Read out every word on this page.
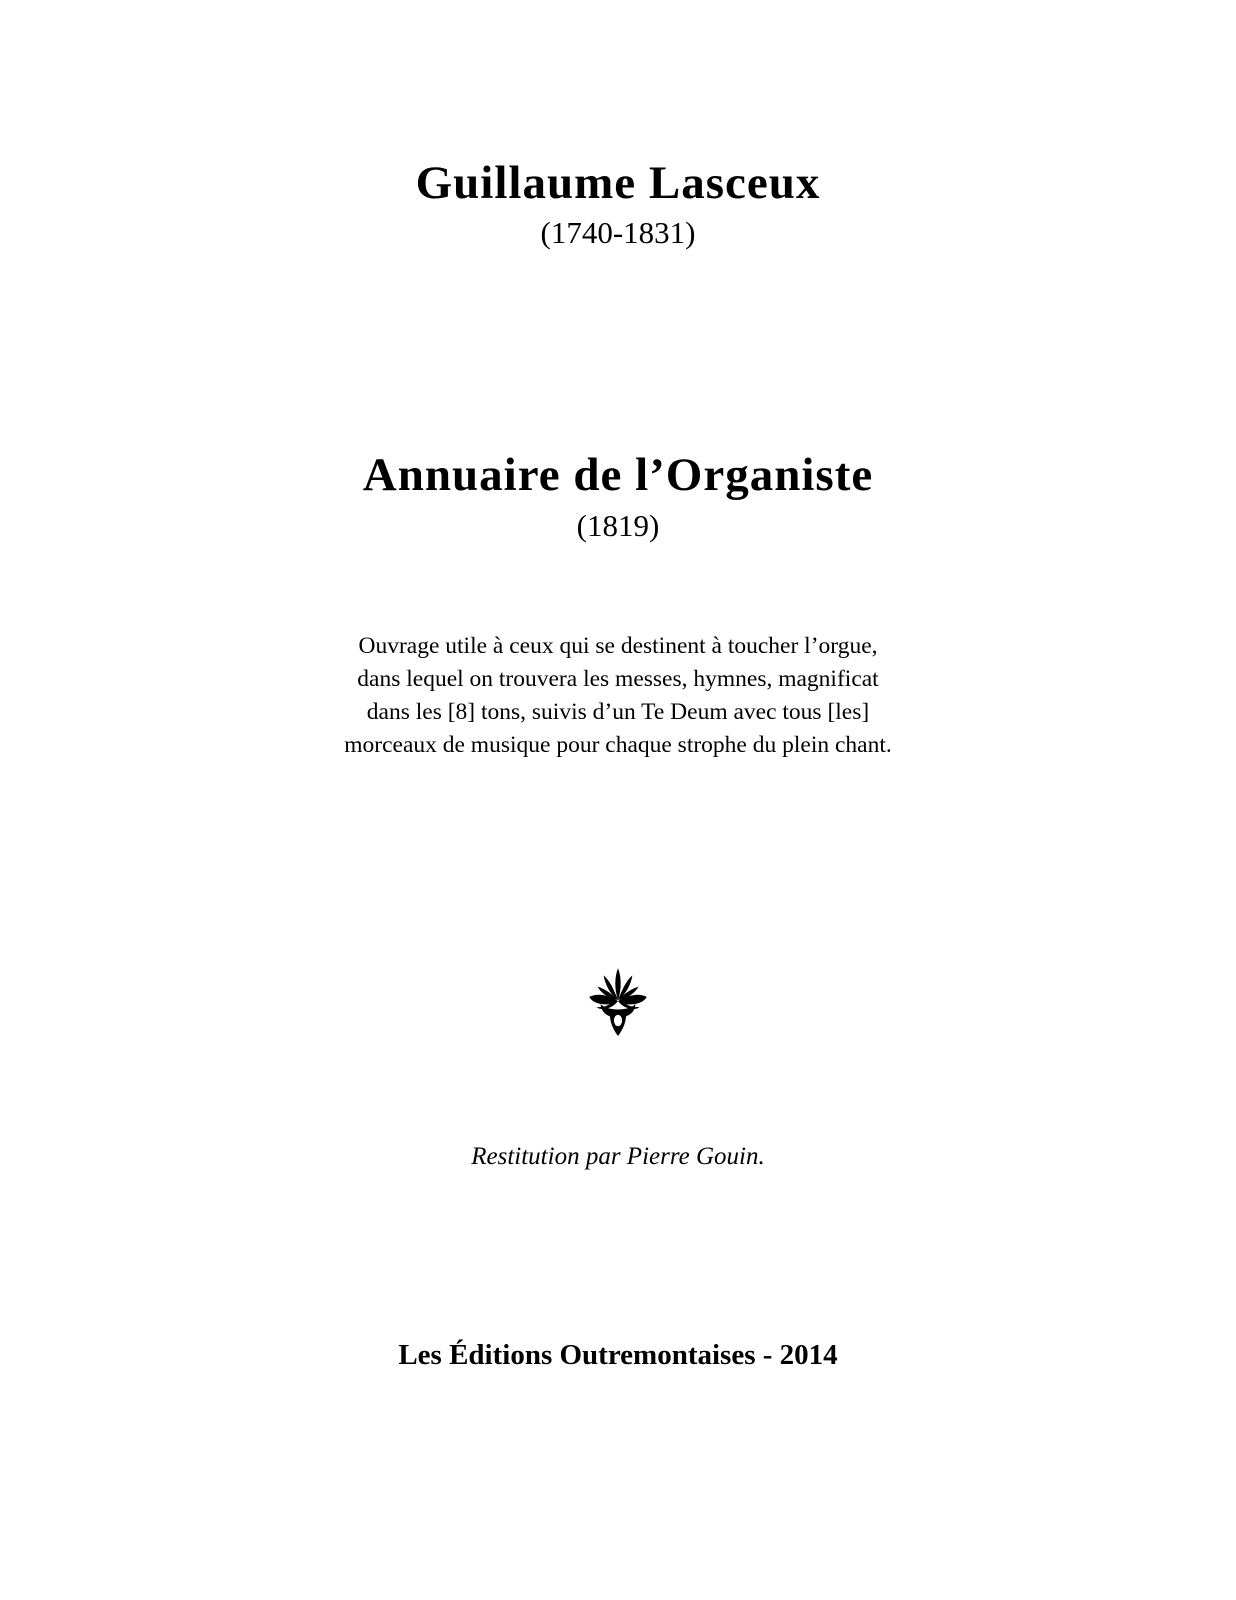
Guillaume Lasceux
(1740-1831)
Annuaire de l’Organiste
(1819)
Ouvrage utile à ceux qui se destinent à toucher l’orgue,
dans lequel on trouvera les messes, hymnes, magnificat
dans les [8] tons, suivis d’un Te Deum avec tous [les]
morceaux de musique pour chaque strophe du plein chant.
Restitution par Pierre Gouin.
Les Éditions Outremontaises - 2014
